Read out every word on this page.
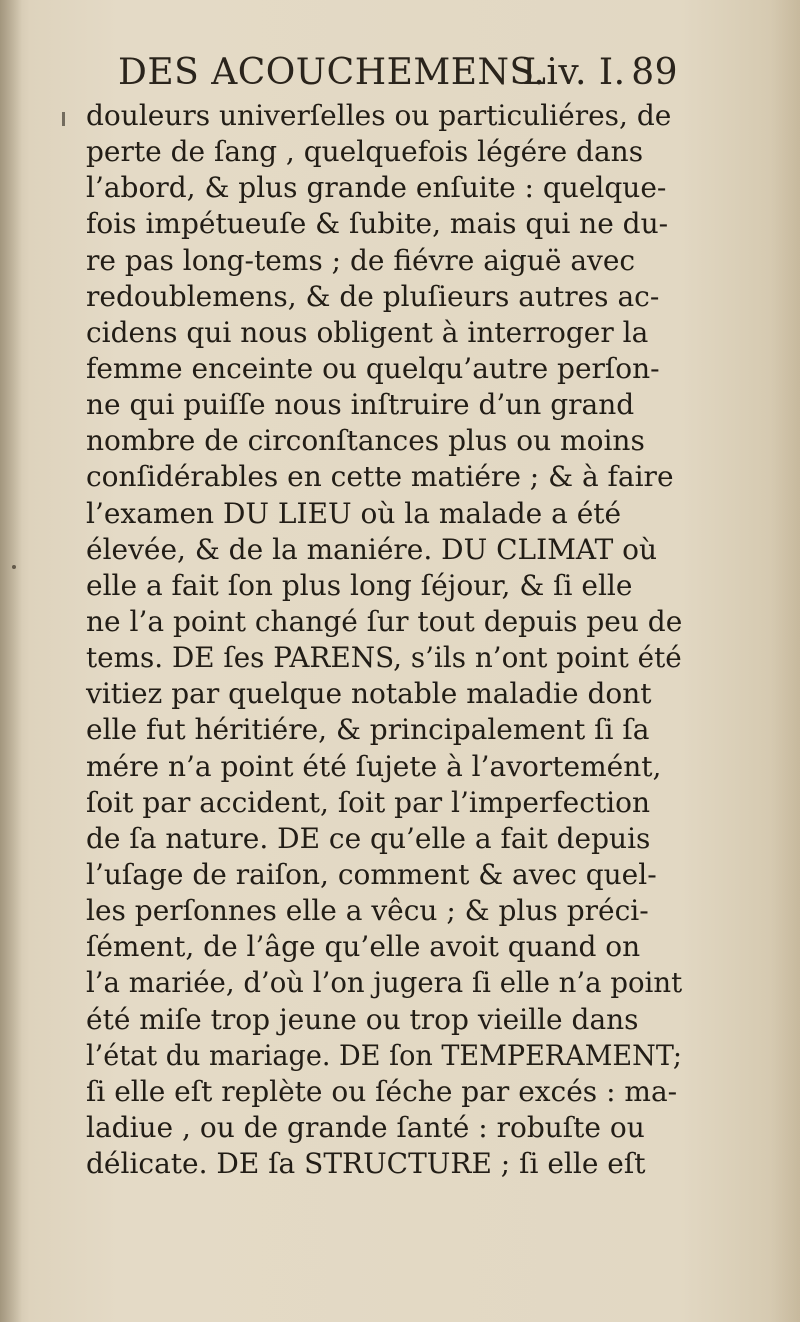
DES ACOUCHEMENS.
Liv. I. 89
douleurs univerſelles ou particuliéres, de
perte de ſang , quelquefois légére dans
l’abord, & plus grande enſuite : quelque-
fois impétueuſe & ſubite, mais qui ne du-
re pas long-tems ; de fiévre aiguë avec
redoublemens, & de pluſieurs autres ac-
cidens qui nous obligent à interroger la
femme enceinte ou quelqu’autre perſon-
ne qui puiſſe nous inſtruire d’un grand
nombre de circonſtances plus ou moins
conſidérables en cette matiére ; & à faire
l’examen DU LIEU où la malade a été
élevée, & de la maniére. DU CLIMAT où
elle a fait ſon plus long ſéjour, & ſi elle
ne l’a point changé ſur tout depuis peu de
tems. DE ſes PARENS, s’ils n’ont point été
vitiez par quelque notable maladie dont
elle fut héritiére, & principalement ſi ſa
mére n’a point été ſujete à l’avortemént,
ſoit par accident, ſoit par l’imperfection
de ſa nature. DE ce qu’elle a fait depuis
l’uſage de raiſon, comment & avec quel-
les perſonnes elle a vêcu ; & plus préci-
ſément, de l’âge qu’elle avoit quand on
l’a mariée, d’où l’on jugera ſi elle n’a point
été miſe trop jeune ou trop vieille dans
l’état du mariage. DE ſon TEMPERAMENT;
ſi elle eſt replète ou ſéche par excés : ma-
ladiue , ou de grande ſanté : robuſte ou
délicate. DE ſa STRUCTURE ; ſi elle eſt
